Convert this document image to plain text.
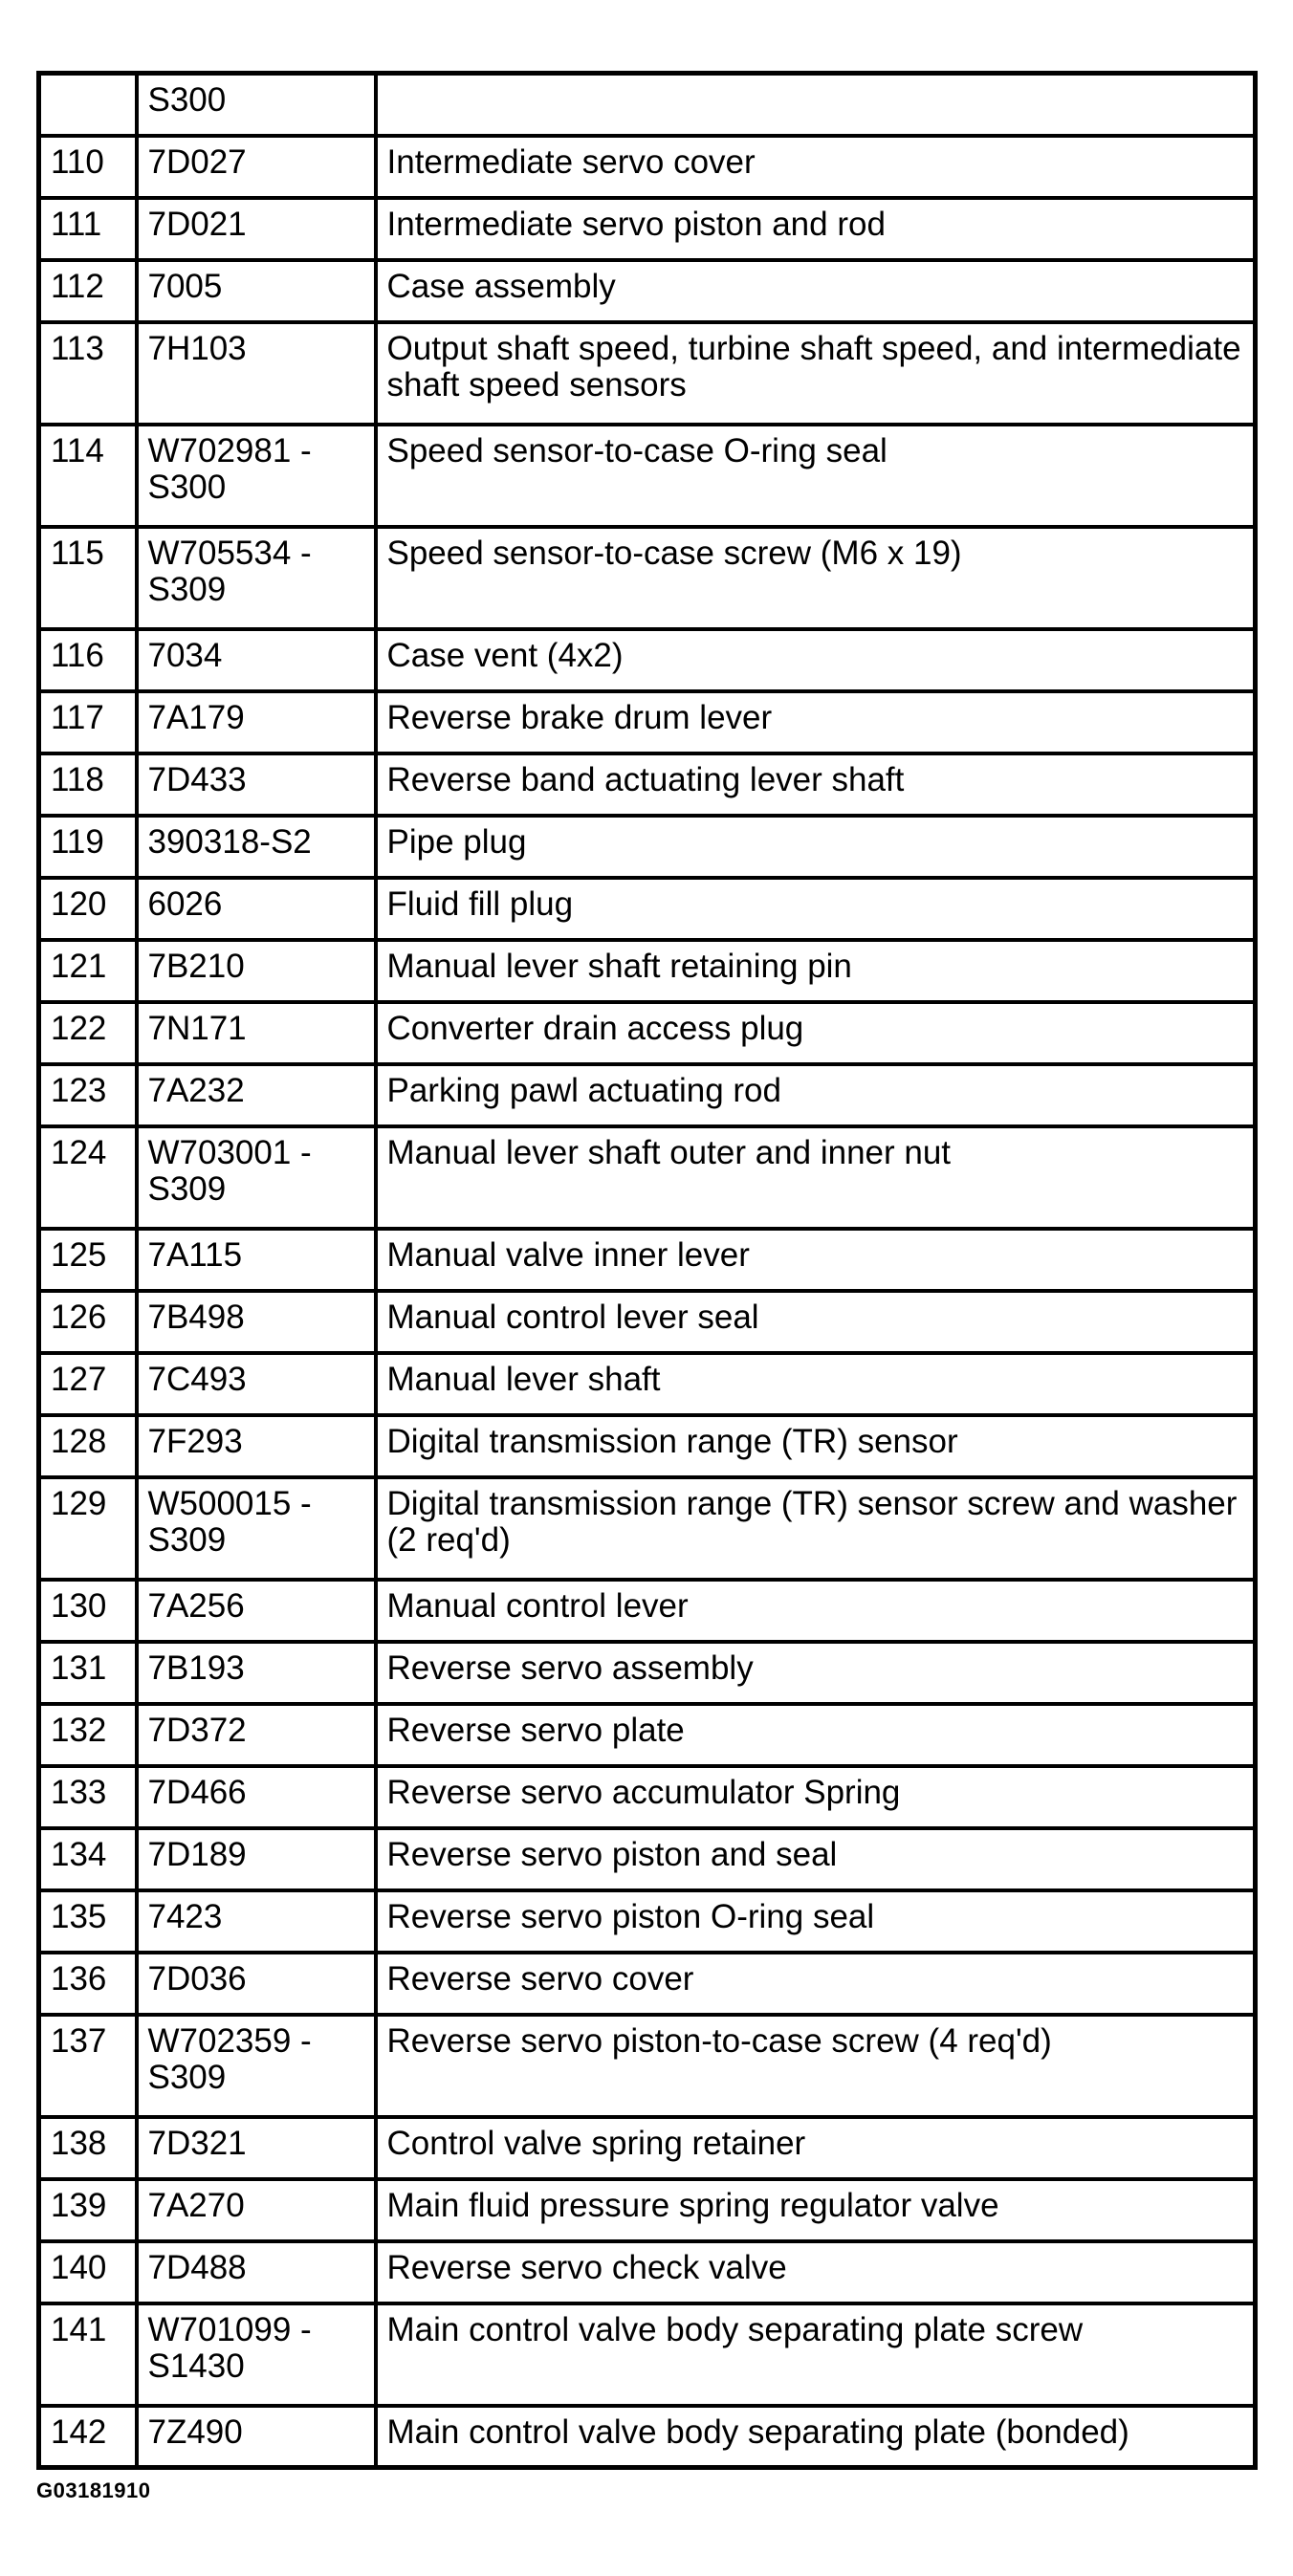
	S300	
110	7D027	Intermediate servo cover
111	7D021	Intermediate servo piston and rod
112	7005	Case assembly
113	7H103	Output shaft speed, turbine shaft speed, and intermediate shaft speed sensors
114	W702981 - S300	Speed sensor-to-case O-ring seal
115	W705534 - S309	Speed sensor-to-case screw (M6 x 19)
116	7034	Case vent (4x2)
117	7A179	Reverse brake drum lever
118	7D433	Reverse band actuating lever shaft
119	390318-S2	Pipe plug
120	6026	Fluid fill plug
121	7B210	Manual lever shaft retaining pin
122	7N171	Converter drain access plug
123	7A232	Parking pawl actuating rod
124	W703001 - S309	Manual lever shaft outer and inner nut
125	7A115	Manual valve inner lever
126	7B498	Manual control lever seal
127	7C493	Manual lever shaft
128	7F293	Digital transmission range (TR) sensor
129	W500015 - S309	Digital transmission range (TR) sensor screw and washer (2 req'd)
130	7A256	Manual control lever
131	7B193	Reverse servo assembly
132	7D372	Reverse servo plate
133	7D466	Reverse servo accumulator Spring
134	7D189	Reverse servo piston and seal
135	7423	Reverse servo piston O-ring seal
136	7D036	Reverse servo cover
137	W702359 - S309	Reverse servo piston-to-case screw (4 req'd)
138	7D321	Control valve spring retainer
139	7A270	Main fluid pressure spring regulator valve
140	7D488	Reverse servo check valve
141	W701099 - S1430	Main control valve body separating plate screw
142	7Z490	Main control valve body separating plate (bonded)
G03181910
